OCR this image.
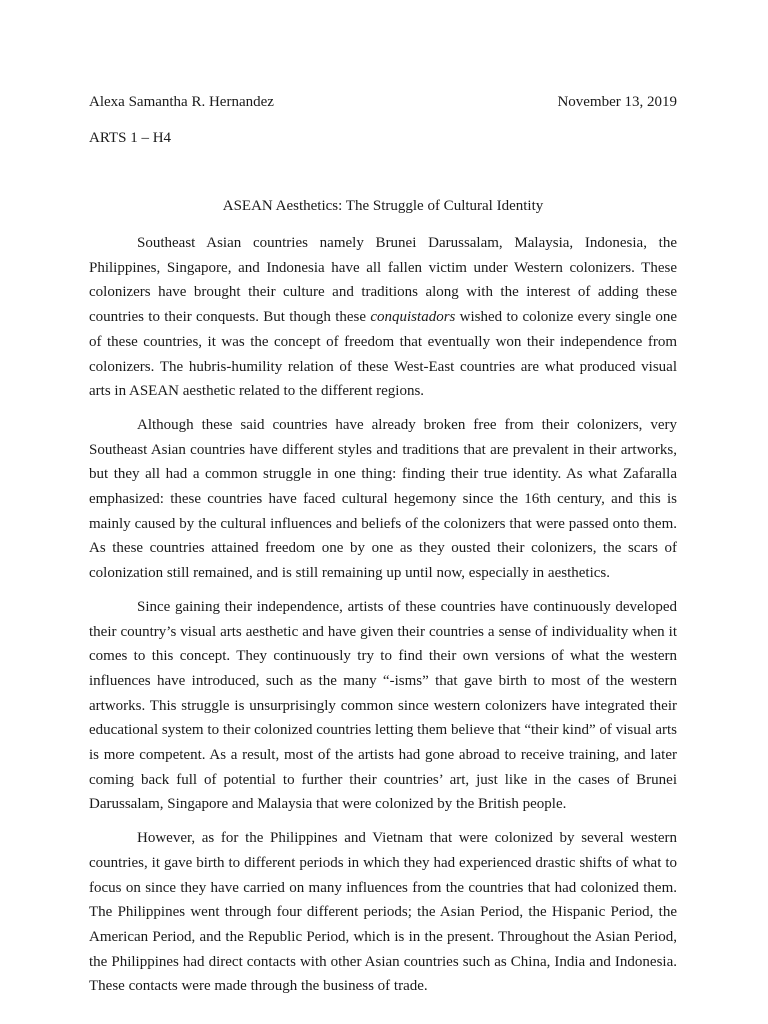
Alexa Samantha R. Hernandez	November 13, 2019
ARTS 1 – H4
ASEAN Aesthetics: The Struggle of Cultural Identity

Southeast Asian countries namely Brunei Darussalam, Malaysia, Indonesia, the Philippines, Singapore, and Indonesia have all fallen victim under Western colonizers. These colonizers have brought their culture and traditions along with the interest of adding these countries to their conquests. But though these conquistadors wished to colonize every single one of these countries, it was the concept of freedom that eventually won their independence from colonizers. The hubris-humility relation of these West-East countries are what produced visual arts in ASEAN aesthetic related to the different regions.

Although these said countries have already broken free from their colonizers, very Southeast Asian countries have different styles and traditions that are prevalent in their artworks, but they all had a common struggle in one thing: finding their true identity. As what Zafaralla emphasized: these countries have faced cultural hegemony since the 16th century, and this is mainly caused by the cultural influences and beliefs of the colonizers that were passed onto them. As these countries attained freedom one by one as they ousted their colonizers, the scars of colonization still remained, and is still remaining up until now, especially in aesthetics.

Since gaining their independence, artists of these countries have continuously developed their country’s visual arts aesthetic and have given their countries a sense of individuality when it comes to this concept. They continuously try to find their own versions of what the western influences have introduced, such as the many “-isms” that gave birth to most of the western artworks. This struggle is unsurprisingly common since western colonizers have integrated their educational system to their colonized countries letting them believe that “their kind” of visual arts is more competent. As a result, most of the artists had gone abroad to receive training, and later coming back full of potential to further their countries’ art, just like in the cases of Brunei Darussalam, Singapore and Malaysia that were colonized by the British people.

However, as for the Philippines and Vietnam that were colonized by several western countries, it gave birth to different periods in which they had experienced drastic shifts of what to focus on since they have carried on many influences from the countries that had colonized them. The Philippines went through four different periods; the Asian Period, the Hispanic Period, the American Period, and the Republic Period, which is in the present. Throughout the Asian Period, the Philippines had direct contacts with other Asian countries such as China, India and Indonesia. These contacts were made through the business of trade.
